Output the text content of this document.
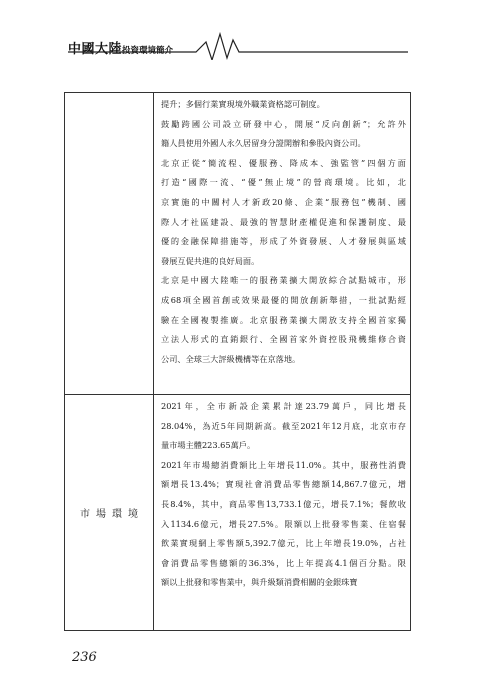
中國大陸投資環境簡介

提升；多個行業實現境外職業資格認可制度。

鼓勵跨國公司設立研發中心，開展“反向創新”；允許外
籍人員使用外國人永久居留身分證開辦和參股內資公司。

北京正從“簡流程、優服務、降成本、強監管”四個方面
打造“國際一流、“優”無止境”的營商環境。比如，北
京實施的中關村人才新政20條、企業“服務包”機制、國
際人才社區建設、最強的智慧財產權促進和保護制度、最
優的金融保障措施等，形成了外資發展、人才發展與區域
發展互促共進的良好局面。

北京是中國大陸唯一的服務業擴大開放綜合試點城市，形
成68項全國首創或效果最優的開放創新舉措，一批試點經
驗在全國複製推廣。北京服務業擴大開放支持全國首家獨
立法人形式的直銷銀行、全國首家外資控股飛機維修合資
公司、全球三大評級機構等在京落地。

市場環境

2021年，全市新設企業累計達23.79萬戶，同比增長
28.04%，為近5年同期新高。截至2021年12月底，北京市存
量市場主體223.65萬戶。

2021年市場總消費額比上年增長11.0%。其中，服務性消費
額增長13.4%；實現社會消費品零售總額14,867.7億元，增
長8.4%，其中，商品零售13,733.1億元，增長7.1%；餐飲收
入1134.6億元，增長27.5%。限額以上批發零售業、住宿餐
飲業實現網上零售額5,392.7億元，比上年增長19.0%，占社
會消費品零售總額的36.3%，比上年提高4.1個百分點。限
額以上批發和零售業中，與升級類消費相關的金銀珠寶

236
